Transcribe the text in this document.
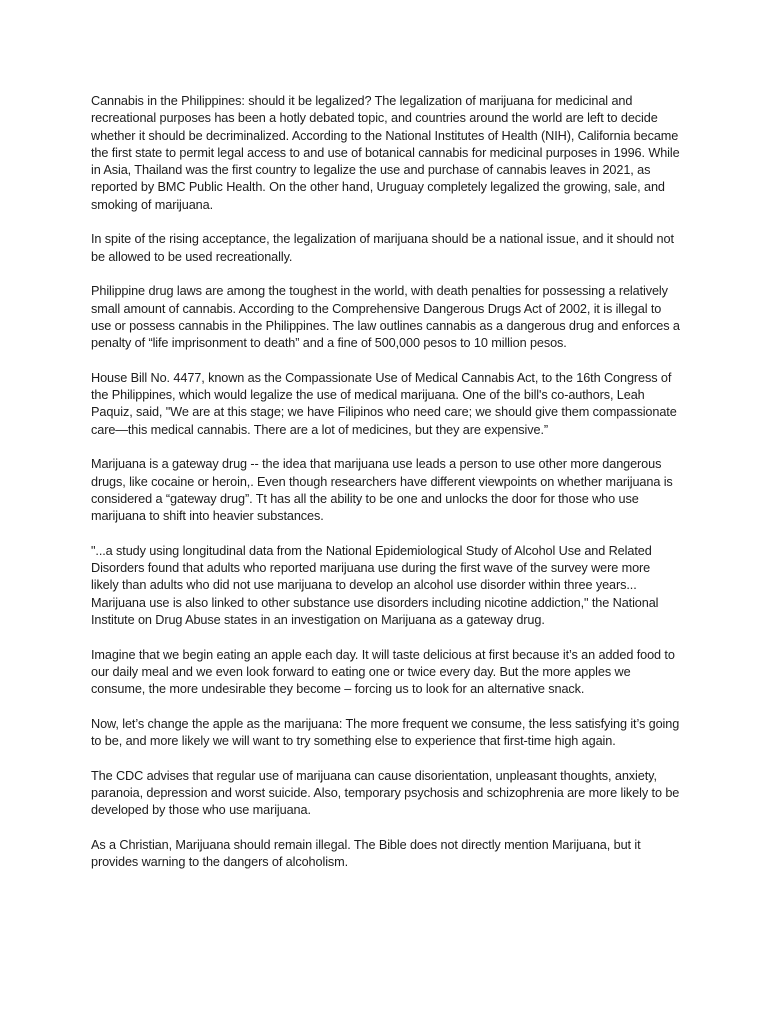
Cannabis in the Philippines: should it be legalized? The legalization of marijuana for medicinal and recreational purposes has been a hotly debated topic, and countries around the world are left to decide whether it should be decriminalized. According to the National Institutes of Health (NIH), California became the first state to permit legal access to and use of botanical cannabis for medicinal purposes in 1996. While in Asia, Thailand was the first country to legalize the use and purchase of cannabis leaves in 2021, as reported by BMC Public Health. On the other hand, Uruguay completely legalized the growing, sale, and smoking of marijuana.

In spite of the rising acceptance, the legalization of marijuana should be a national issue, and it should not be allowed to be used recreationally.

Philippine drug laws are among the toughest in the world, with death penalties for possessing a relatively small amount of cannabis. According to the Comprehensive Dangerous Drugs Act of 2002, it is illegal to use or possess cannabis in the Philippines. The law outlines cannabis as a dangerous drug and enforces a penalty of “life imprisonment to death” and a fine of 500,000 pesos to 10 million pesos.

House Bill No. 4477, known as the Compassionate Use of Medical Cannabis Act, to the 16th Congress of the Philippines, which would legalize the use of medical marijuana. One of the bill's co-authors, Leah Paquiz, said, "We are at this stage; we have Filipinos who need care; we should give them compassionate care—this medical cannabis. There are a lot of medicines, but they are expensive.”

Marijuana is a gateway drug -- the idea that marijuana use leads a person to use other more dangerous drugs, like cocaine or heroin,. Even though researchers have different viewpoints on whether marijuana is considered a “gateway drug”. Tt has all the ability to be one and unlocks the door for those who use marijuana to shift into heavier substances.

"...a study using longitudinal data from the National Epidemiological Study of Alcohol Use and Related Disorders found that adults who reported marijuana use during the first wave of the survey were more likely than adults who did not use marijuana to develop an alcohol use disorder within three years... Marijuana use is also linked to other substance use disorders including nicotine addiction," the National Institute on Drug Abuse states in an investigation on Marijuana as a gateway drug.

Imagine that we begin eating an apple each day. It will taste delicious at first because it’s an added food to our daily meal and we even look forward to eating one or twice every day. But the more apples we consume, the more undesirable they become – forcing us to look for an alternative snack.

Now, let’s change the apple as the marijuana: The more frequent we consume, the less satisfying it’s going to be, and more likely we will want to try something else to experience that first-time high again.

The CDC advises that regular use of marijuana can cause disorientation, unpleasant thoughts, anxiety, paranoia, depression and worst suicide. Also, temporary psychosis and schizophrenia are more likely to be developed by those who use marijuana.

As a Christian, Marijuana should remain illegal. The Bible does not directly mention Marijuana, but it provides warning to the dangers of alcoholism.
